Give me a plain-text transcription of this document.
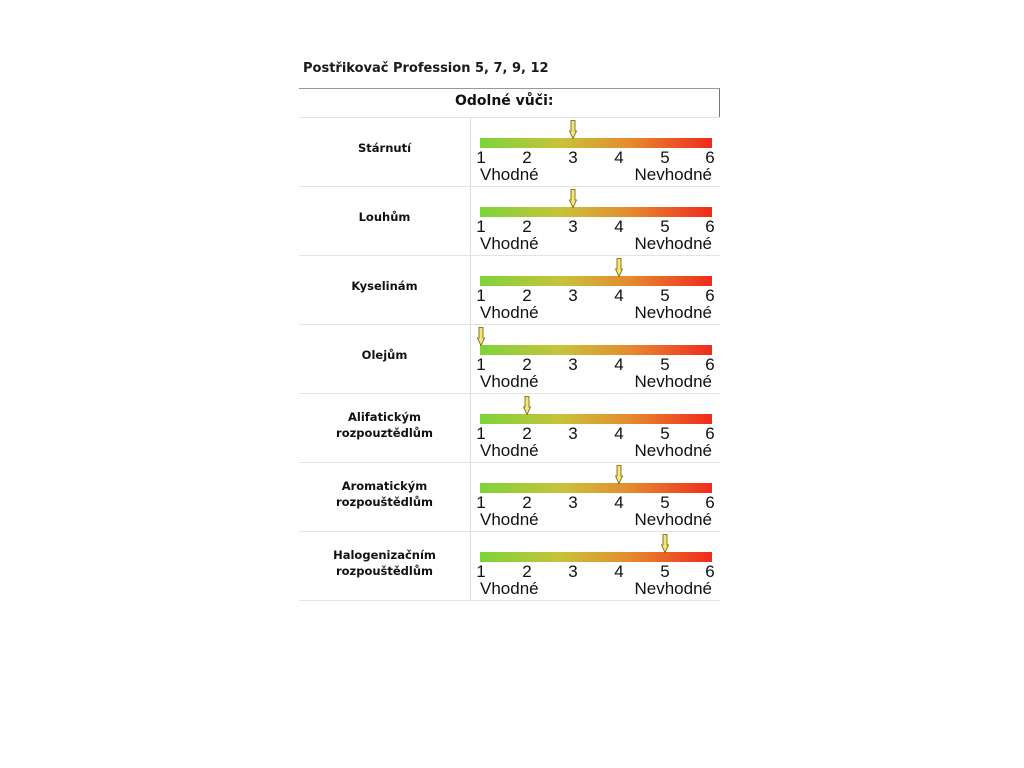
Postřikovač Profession 5, 7, 9, 12
Odolné vůči:
Stárnutí	1	2	3	4	5	6
Vhodné	Nevhodné
Louhům	1	2	3	4	5	6
Vhodné	Nevhodné
Kyselinám	1	2	3	4	5	6
Vhodné	Nevhodné
Olejům	1	2	3	4	5	6
Vhodné	Nevhodné
Alifatickým
rozpouztědlům	1	2	3	4	5	6
Vhodné	Nevhodné
Aromatickým
rozpouštědlům	1	2	3	4	5	6
Vhodné	Nevhodné
Halogenizačním
rozpouštědlům	1	2	3	4	5	6
Vhodné	Nevhodné
